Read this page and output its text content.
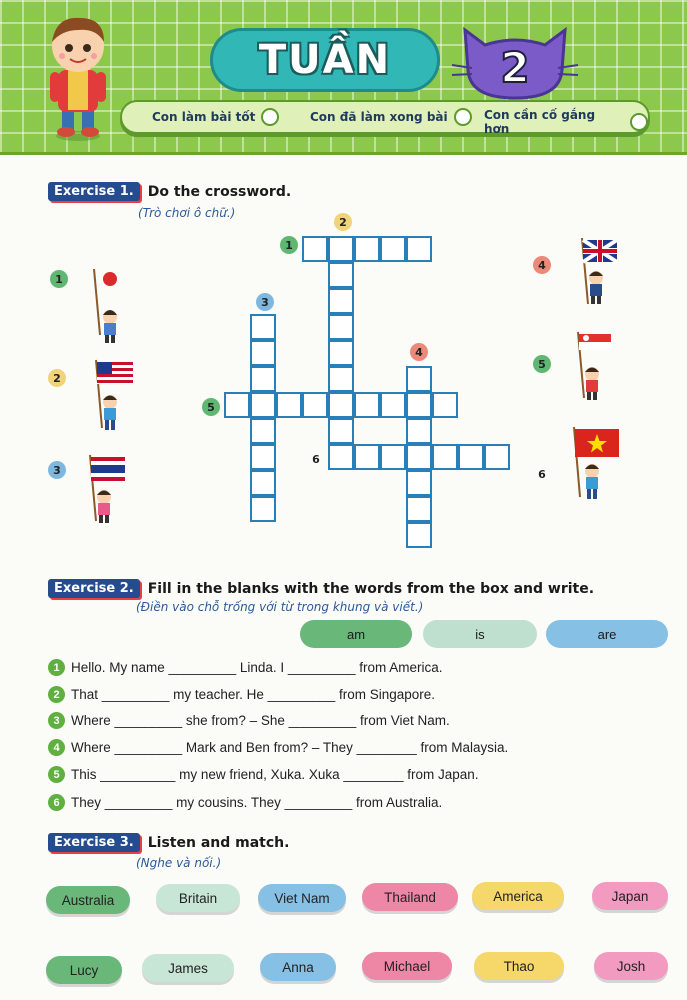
TUẦN	2
Con làm bài tốt	Con đã làm xong bài	Con cần cố gắng hơn
Exercise 1.	Do the crossword.
(Trò chơi ô chữ.)
1
2
3
4
5
6
1
2
3
4
5
6
Exercise 2.	Fill in the blanks with the words from the box and write.
(Điền vào chỗ trống với từ trong khung và viết.)
am	is	are
1 Hello. My name _________ Linda. I _________ from America.
2 That _________ my teacher. He _________ from Singapore.
3 Where _________ she from? – She _________ from Viet Nam.
4 Where _________ Mark and Ben from? – They ________ from Malaysia.
5 This __________ my new friend, Xuka. Xuka ________ from Japan.
6 They _________ my cousins. They _________ from Australia.
Exercise 3.	Listen and match.
(Nghe và nối.)
Australia	Britain	Viet Nam	Thailand	America	Japan
Lucy	James	Anna	Michael	Thao	Josh
